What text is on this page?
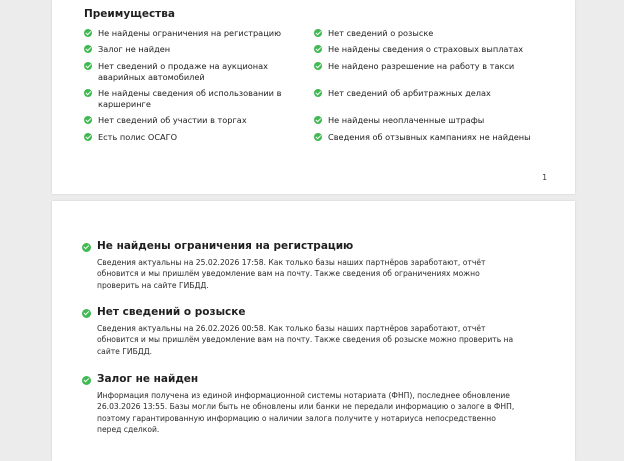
Преимущества
Не найдены ограничения на регистрацию
Залог не найден
Нет сведений о продаже на аукционах аварийных автомобилей
Не найдены сведения об использовании в каршеринге
Нет сведений об участии в торгах
Есть полис ОСАГО
Нет сведений о розыске
Не найдены сведения о страховых выплатах
Не найдено разрешение на работу в такси
Нет сведений об арбитражных делах
Не найдены неоплаченные штрафы
Сведения об отзывных кампаниях не найдены
1
Не найдены ограничения на регистрацию
Сведения актуальны на 25.02.2026 17:58. Как только базы наших партнёров заработают, отчёт обновится и мы пришлём уведомление вам на почту. Также сведения об ограничениях можно проверить на сайте ГИБДД.
Нет сведений о розыске
Сведения актуальны на 26.02.2026 00:58. Как только базы наших партнёров заработают, отчёт обновится и мы пришлём уведомление вам на почту. Также сведения об розыске можно проверить на сайте ГИБДД.
Залог не найден
Информация получена из единой информационной системы нотариата (ФНП), последнее обновление 26.03.2026 13:55. Базы могли быть не обновлены или банки не передали информацию о залоге в ФНП, поэтому гарантированную информацию о наличии залога получите у нотариуса непосредственно перед сделкой.
